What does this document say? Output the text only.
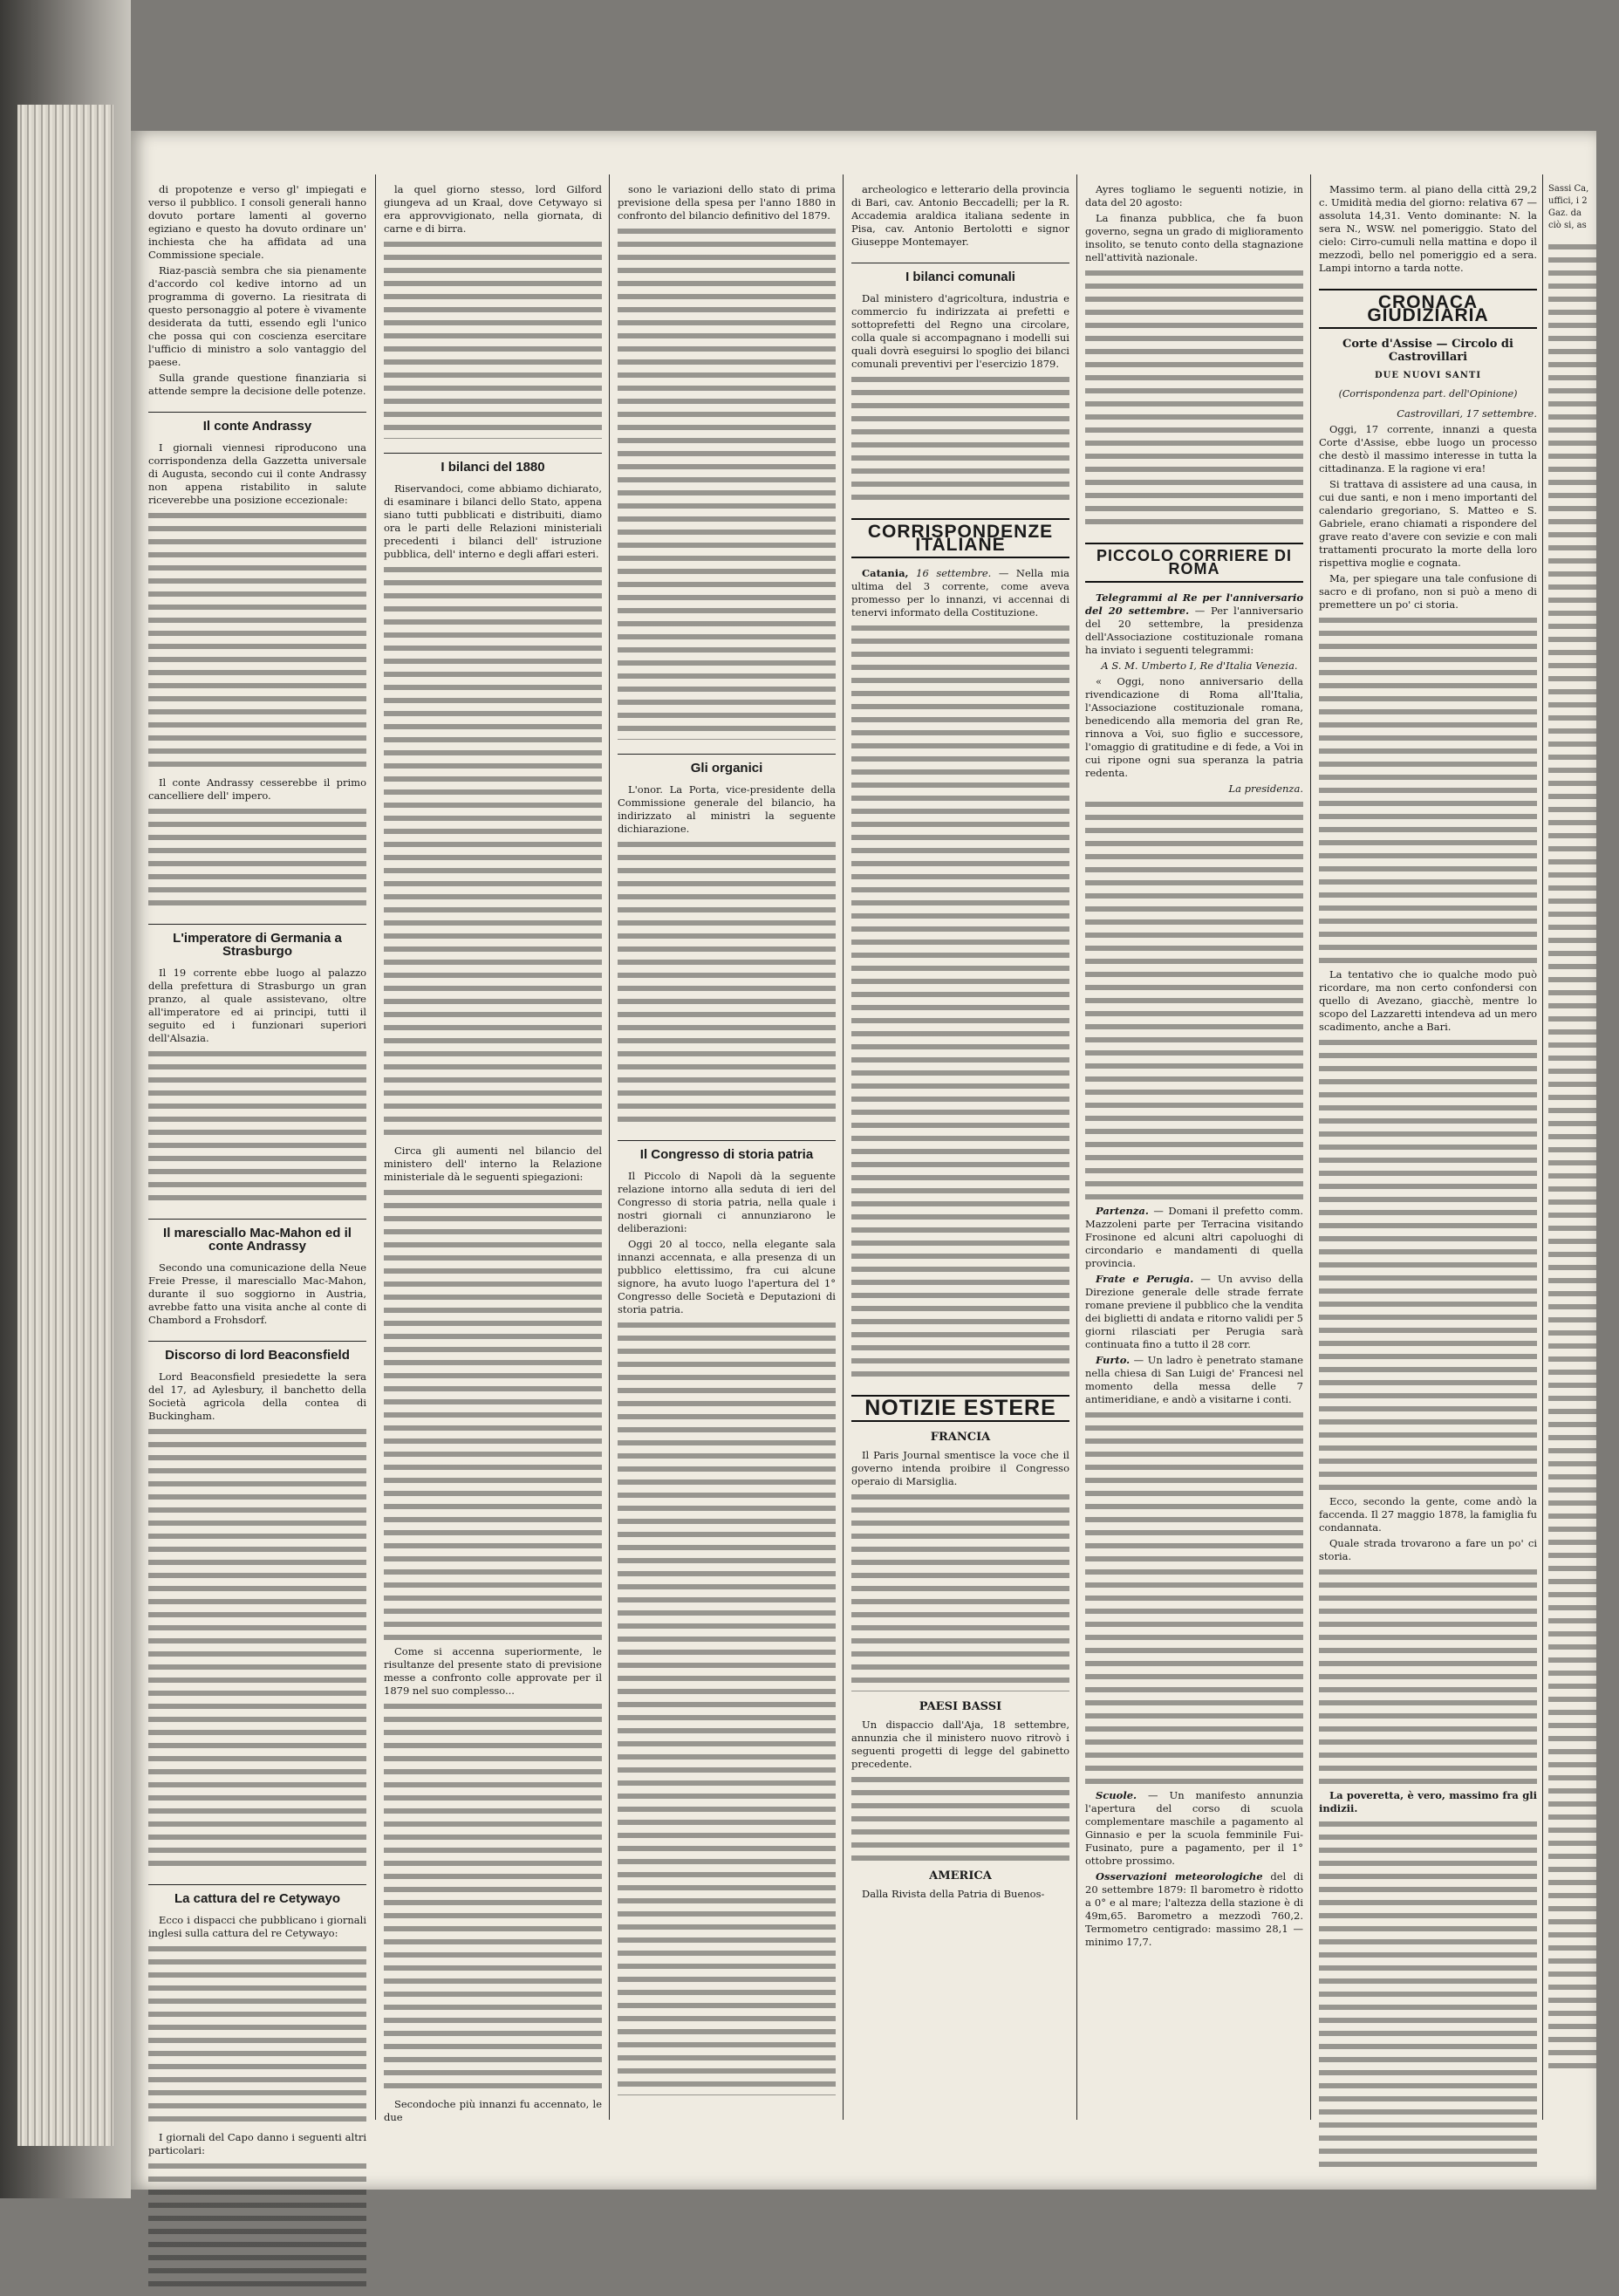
di propotenze e verso gl' impiegati e verso il pubblico. I consoli generali hanno dovuto portare lamenti al governo egiziano e questo ha dovuto ordinare un' inchiesta che ha affidata ad una Commissione speciale.

Riaz-pascià sembra che sia pienamente d'accordo col kedive intorno ad un programma di governo. La riesitrata di questo personaggio al potere è vivamente desiderata da tutti, essendo egli l'unico che possa qui con coscienza esercitare l'ufficio di ministro a solo vantaggio del paese.

Sulla grande questione finanziaria si attende sempre la decisione delle potenze.

Il conte Andrassy

I giornali viennesi riproducono una corrispondenza della Gazzetta universale di Augusta, secondo cui il conte Andrassy non appena ristabilito in salute riceverebbe una posizione eccezionale:

Il conte Andrassy cesserebbe il primo cancelliere dell' impero.

L'imperatore di Germania a Strasburgo

Il 19 corrente ebbe luogo al palazzo della prefettura di Strasburgo un gran pranzo, al quale assistevano, oltre all'imperatore ed ai principi, tutti il seguito ed i funzionari superiori dell'Alsazia.

Il maresciallo Mac-Mahon ed il conte Andrassy

Secondo una comunicazione della Neue Freie Presse, il maresciallo Mac-Mahon, durante il suo soggiorno in Austria, avrebbe fatto una visita anche al conte di Chambord a Frohsdorf.

Discorso di lord Beaconsfield

Lord Beaconsfield presiedette la sera del 17, ad Aylesbury, il banchetto della Società agricola della contea di Buckingham.

La cattura del re Cetywayo

Ecco i dispacci che pubblicano i giornali inglesi sulla cattura del re Cetywayo:

I giornali del Capo danno i seguenti altri particolari:

la quel giorno stesso, lord Gilford giungeva ad un Kraal, dove Cetywayo si era approvvigionato, nella giornata, di carne e di birra.

I bilanci del 1880

Riservandoci, come abbiamo dichiarato, di esaminare i bilanci dello Stato, appena siano tutti pubblicati e distribuiti, diamo ora le parti delle Relazioni ministeriali precedenti i bilanci dell' istruzione pubblica, dell' interno e degli affari esteri.

Circa gli aumenti nel bilancio del ministero dell' interno la Relazione ministeriale dà le seguenti spiegazioni:

Come si accenna superiormente, le risultanze del presente stato di previsione messe a confronto colle approvate per il 1879 nel suo complesso...

Secondoche più innanzi fu accennato, le due

sono le variazioni dello stato di prima previsione della spesa per l'anno 1880 in confronto del bilancio definitivo del 1879.

Gli organici

L'onor. La Porta, vice-presidente della Commissione generale del bilancio, ha indirizzato al ministri la seguente dichiarazione.

Il Congresso di storia patria

Il Piccolo di Napoli dà la seguente relazione intorno alla seduta di ieri del Congresso di storia patria, nella quale i nostri giornali ci annunziarono le deliberazioni:

Oggi 20 al tocco, nella elegante sala innanzi accennata, e alla presenza di un pubblico elettissimo, fra cui alcune signore, ha avuto luogo l'apertura del 1° Congresso delle Società e Deputazioni di storia patria.

archeologico e letterario della provincia di Bari, cav. Antonio Beccadelli; per la R. Accademia araldica italiana sedente in Pisa, cav. Antonio Bertolotti e signor Giuseppe Montemayer.

I bilanci comunali

Dal ministero d'agricoltura, industria e commercio fu indirizzata ai prefetti e sottoprefetti del Regno una circolare, colla quale si accompagnano i modelli sui quali dovrà eseguirsi lo spoglio dei bilanci comunali preventivi per l'esercizio 1879.

CORRISPONDENZE ITALIANE

Catania, 16 settembre. — Nella mia ultima del 3 corrente, come aveva promesso per lo innanzi, vi accennai di tenervi informato della Costituzione.

NOTIZIE ESTERE
FRANCIA

Il Paris Journal smentisce la voce che il governo intenda proibire il Congresso operaio di Marsiglia.

PAESI BASSI

Un dispaccio dall'Aja, 18 settembre, annunzia che il ministero nuovo ritrovò i seguenti progetti di legge del gabinetto precedente.

AMERICA

Dalla Rivista della Patria di Buenos-

Ayres togliamo le seguenti notizie, in data del 20 agosto:

La finanza pubblica, che fa buon governo, segna un grado di miglioramento insolito, se tenuto conto della stagnazione nell'attività nazionale.

PICCOLO CORRIERE DI ROMA

Telegrammi al Re per l'anniversario del 20 settembre. — Per l'anniversario del 20 settembre, la presidenza dell'Associazione costituzionale romana ha inviato i seguenti telegrammi:

A S. M. Umberto I, Re d'Italia Venezia.

« Oggi, nono anniversario della rivendicazione di Roma all'Italia, l'Associazione costituzionale romana, benedicendo alla memoria del gran Re, rinnova a Voi, suo figlio e successore, l'omaggio di gratitudine e di fede, a Voi in cui ripone ogni sua speranza la patria redenta.

La presidenza.

Partenza. — Domani il prefetto comm. Mazzoleni parte per Terracina visitando Frosinone ed alcuni altri capoluoghi di circondario e mandamenti di quella provincia.

Frate e Perugia. — Un avviso della Direzione generale delle strade ferrate romane previene il pubblico che la vendita dei biglietti di andata e ritorno validi per 5 giorni rilasciati per Perugia sarà continuata fino a tutto il 28 corr.

Furto. — Un ladro è penetrato stamane nella chiesa di San Luigi de' Francesi nel momento della messa delle 7 antimeridiane, e andò a visitarne i conti.

Scuole. — Un manifesto annunzia l'apertura del corso di scuola complementare maschile a pagamento al Ginnasio e per la scuola femminile Fui-Fusinato, pure a pagamento, per il 1° ottobre prossimo.

Osservazioni meteorologiche del di 20 settembre 1879: Il barometro è ridotto a 0° e al mare; l'altezza della stazione è di 49m,65. Barometro a mezzodì 760,2. Termometro centigrado: massimo 28,1 — minimo 17,7.

Massimo term. al piano della città 29,2 c. Umidità media del giorno: relativa 67 — assoluta 14,31. Vento dominante: N. la sera N., WSW. nel pomeriggio. Stato del cielo: Cirro-cumuli nella mattina e dopo il mezzodì, bello nel pomeriggio ed a sera. Lampi intorno a tarda notte.

CRONACA GIUDIZIARIA
Corte d'Assise — Circolo di Castrovillari
DUE NUOVI SANTI
(Corrispondenza part. dell'Opinione)

Castrovillari, 17 settembre.

Oggi, 17 corrente, innanzi a questa Corte d'Assise, ebbe luogo un processo che destò il massimo interesse in tutta la cittadinanza. E la ragione vi era!

Si trattava di assistere ad una causa, in cui due santi, e non i meno importanti del calendario gregoriano, S. Matteo e S. Gabriele, erano chiamati a rispondere del grave reato d'avere con sevizie e con mali trattamenti procurato la morte della loro rispettiva moglie e cognata.

Ma, per spiegare una tale confusione di sacro e di profano, non si può a meno di premettere un po' ci storia.

La tentativo che io qualche modo può ricordare, ma non certo confondersi con quello di Avezano, giacchè, mentre lo scopo del Lazzaretti intendeva ad un mero scadimento, anche a Bari.

Ecco, secondo la gente, come andò la faccenda. Il 27 maggio 1878, la famiglia fu condannata.

Quale strada trovarono a fare un po' ci storia.

La poveretta, è vero, massimo fra gli indizii.

Sassi Ca, uffici, i 2 Gaz. da ciò si, as
